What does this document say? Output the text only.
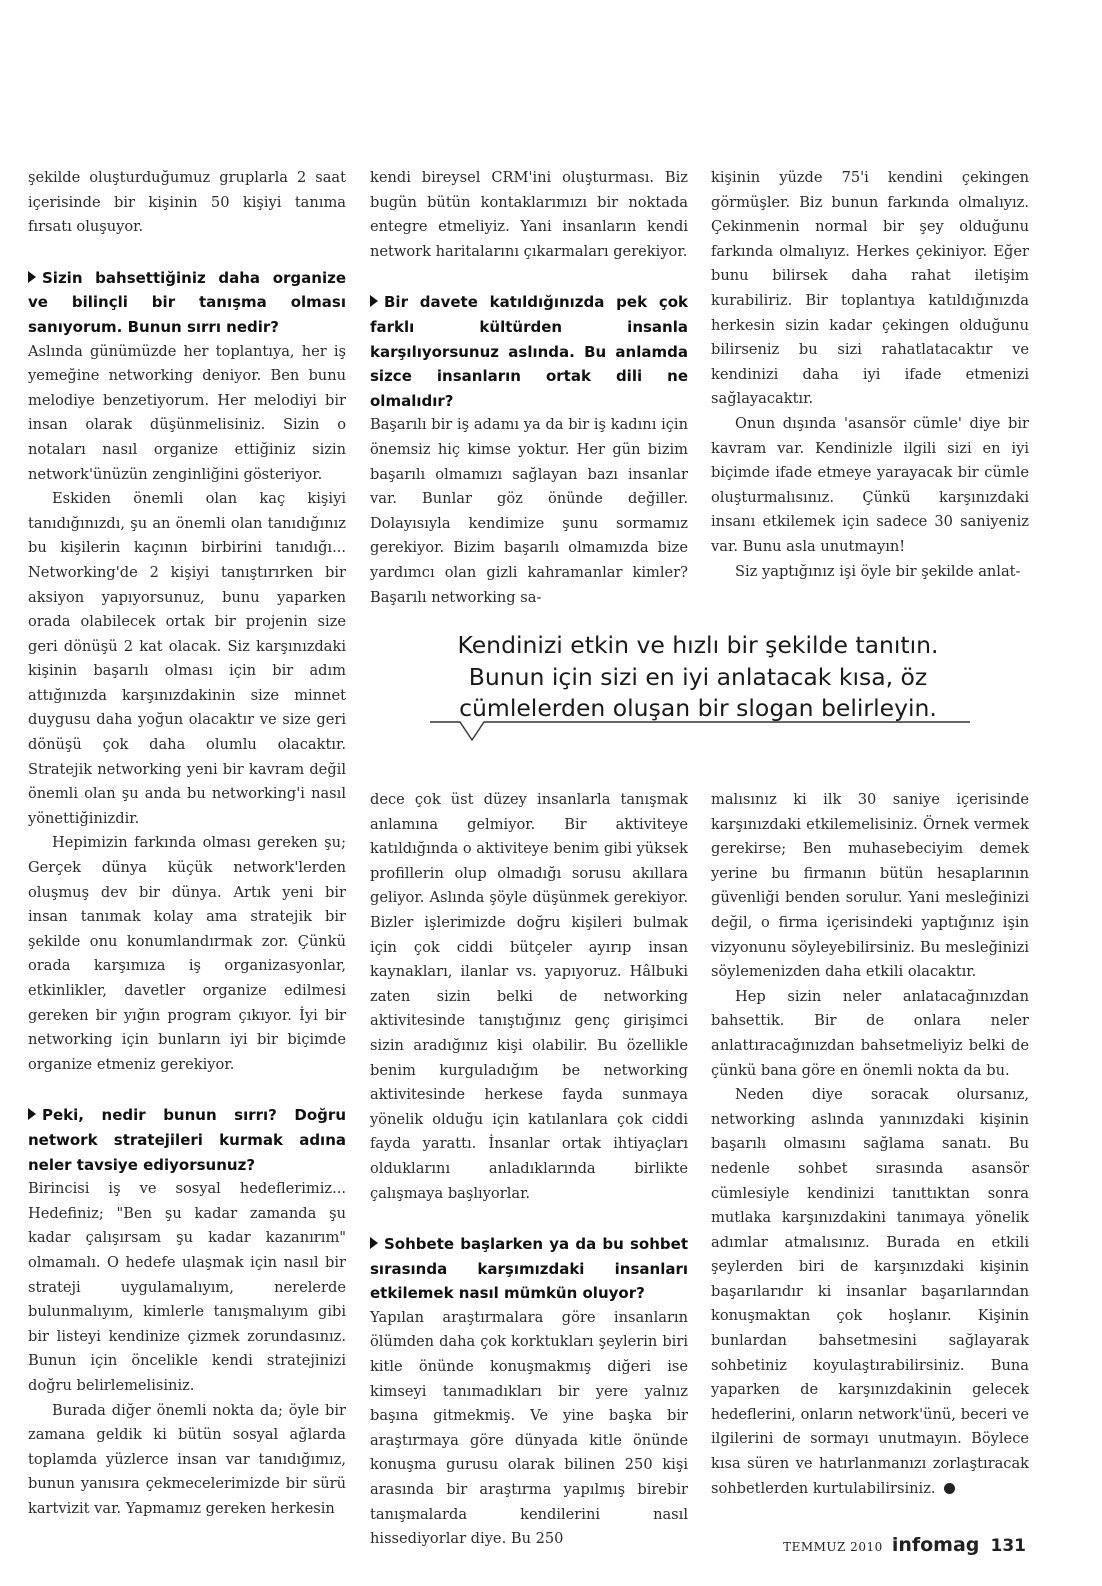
şekilde oluşturduğumuz gruplarla 2 saat içerisinde bir kişinin 50 kişiyi tanıma fırsatı oluşuyor.

Sizin bahsettiğiniz daha organize ve bilinçli bir tanışma olması sanıyorum. Bunun sırrı nedir?

Aslında günümüzde her toplantıya, her iş yemeğine networking deniyor. Ben bunu melodiye benzetiyorum. Her melodiyi bir insan olarak düşünmelisiniz. Sizin o notaları nasıl organize ettiğiniz sizin network'ünüzün zenginliğini gösteriyor.

Eskiden önemli olan kaç kişiyi tanıdığınızdı, şu an önemli olan tanıdığınız bu kişilerin kaçının birbirini tanıdığı... Networking'de 2 kişiyi tanıştırırken bir aksiyon yapıyorsunuz, bunu yaparken orada olabilecek ortak bir projenin size geri dönüşü 2 kat olacak. Siz karşınızdaki kişinin başarılı olması için bir adım attığınızda karşınızdakinin size minnet duygusu daha yoğun olacaktır ve size geri dönüşü çok daha olumlu olacaktır. Stratejik networking yeni bir kavram değil önemli olan şu anda bu networking'i nasıl yönettiğinizdir.

Hepimizin farkında olması gereken şu; Gerçek dünya küçük network'lerden oluşmuş dev bir dünya. Artık yeni bir insan tanımak kolay ama stratejik bir şekilde onu konumlandırmak zor. Çünkü orada karşımıza iş organizasyonlar, etkinlikler, davetler organize edilmesi gereken bir yığın program çıkıyor. İyi bir networking için bunların iyi bir biçimde organize etmeniz gerekiyor.

Peki, nedir bunun sırrı? Doğru network stratejileri kurmak adına neler tavsiye ediyorsunuz?

Birincisi iş ve sosyal hedeflerimiz... Hedefiniz; "Ben şu kadar zamanda şu kadar çalışırsam şu kadar kazanırım" olmamalı. O hedefe ulaşmak için nasıl bir strateji uygulamalıyım, nerelerde bulunmalıyım, kimlerle tanışmalıyım gibi bir listeyi kendinize çizmek zorundasınız. Bunun için öncelikle kendi stratejinizi doğru belirlemelisiniz.

Burada diğer önemli nokta da; öyle bir zamana geldik ki bütün sosyal ağlarda toplamda yüzlerce insan var tanıdığımız, bunun yanısıra çekmecelerimizde bir sürü kartvizit var. Yapmamız gereken herkesin

kendi bireysel CRM'ini oluşturması. Biz bugün bütün kontaklarımızı bir noktada entegre etmeliyiz. Yani insanların kendi network haritalarını çıkarmaları gerekiyor.

Bir davete katıldığınızda pek çok farklı kültürden insanla karşılıyorsunuz aslında. Bu anlamda sizce insanların ortak dili ne olmalıdır?

Başarılı bir iş adamı ya da bir iş kadını için önemsiz hiç kimse yoktur. Her gün bizim başarılı olmamızı sağlayan bazı insanlar var. Bunlar göz önünde değiller. Dolayısıyla kendimize şunu sormamız gerekiyor. Bizim başarılı olmamızda bize yardımcı olan gizli kahramanlar kimler? Başarılı networking sa-

kişinin yüzde 75'i kendini çekingen görmüşler. Biz bunun farkında olmalıyız. Çekinmenin normal bir şey olduğunu farkında olmalıyız. Herkes çekiniyor. Eğer bunu bilirsek daha rahat iletişim kurabiliriz. Bir toplantıya katıldığınızda herkesin sizin kadar çekingen olduğunu bilirseniz bu sizi rahatlatacaktır ve kendinizi daha iyi ifade etmenizi sağlayacaktır.

Onun dışında 'asansör cümle' diye bir kavram var. Kendinizle ilgili sizi en iyi biçimde ifade etmeye yarayacak bir cümle oluşturmalısınız. Çünkü karşınızdaki insanı etkilemek için sadece 30 saniyeniz var. Bunu asla unutmayın!

Siz yaptığınız işi öyle bir şekilde anlat-

Kendinizi etkin ve hızlı bir şekilde tanıtın.
Bunun için sizi en iyi anlatacak kısa, öz
cümlelerden oluşan bir slogan belirleyin.

dece çok üst düzey insanlarla tanışmak anlamına gelmiyor. Bir aktiviteye katıldığında o aktiviteye benim gibi yüksek profillerin olup olmadığı sorusu akıllara geliyor. Aslında şöyle düşünmek gerekiyor. Bizler işlerimizde doğru kişileri bulmak için çok ciddi bütçeler ayırıp insan kaynakları, ilanlar vs. yapıyoruz. Hâlbuki zaten sizin belki de networking aktivitesinde tanıştığınız genç girişimci sizin aradığınız kişi olabilir. Bu özellikle benim kurguladığım be networking aktivitesinde herkese fayda sunmaya yönelik olduğu için katılanlara çok ciddi fayda yarattı. İnsanlar ortak ihtiyaçları olduklarını anladıklarında birlikte çalışmaya başlıyorlar.

Sohbete başlarken ya da bu sohbet sırasında karşımızdaki insanları etkilemek nasıl mümkün oluyor?

Yapılan araştırmalara göre insanların ölümden daha çok korktukları şeylerin biri kitle önünde konuşmakmış diğeri ise kimseyi tanımadıkları bir yere yalnız başına gitmekmiş. Ve yine başka bir araştırmaya göre dünyada kitle önünde konuşma gurusu olarak bilinen 250 kişi arasında bir araştırma yapılmış birebir tanışmalarda kendilerini nasıl hissediyorlar diye. Bu 250

malısınız ki ilk 30 saniye içerisinde karşınızdaki etkilemelisiniz. Örnek vermek gerekirse; Ben muhasebeciyim demek yerine bu firmanın bütün hesaplarının güvenliği benden sorulur. Yani mesleğinizi değil, o firma içerisindeki yaptığınız işin vizyonunu söyleyebilirsiniz. Bu mesleğinizi söylemenizden daha etkili olacaktır.

Hep sizin neler anlatacağınızdan bahsettik. Bir de onlara neler anlattıracağınızdan bahsetmeliyiz belki de çünkü bana göre en önemli nokta da bu.

Neden diye soracak olursanız, networking aslında yanınızdaki kişinin başarılı olmasını sağlama sanatı. Bu nedenle sohbet sırasında asansör cümlesiyle kendinizi tanıttıktan sonra mutlaka karşınızdakini tanımaya yönelik adımlar atmalısınız. Burada en etkili şeylerden biri de karşınızdaki kişinin başarılarıdır ki insanlar başarılarından konuşmaktan çok hoşlanır. Kişinin bunlardan bahsetmesini sağlayarak sohbetiniz koyulaştırabilirsiniz. Buna yaparken de karşınızdakinin gelecek hedeflerini, onların network'ünü, beceri ve ilgilerini de sormayı unutmayın. Böylece kısa süren ve hatırlanmanızı zorlaştıracak sohbetlerden kurtulabilirsiniz.

TEMMUZ 2010 infomag 131
